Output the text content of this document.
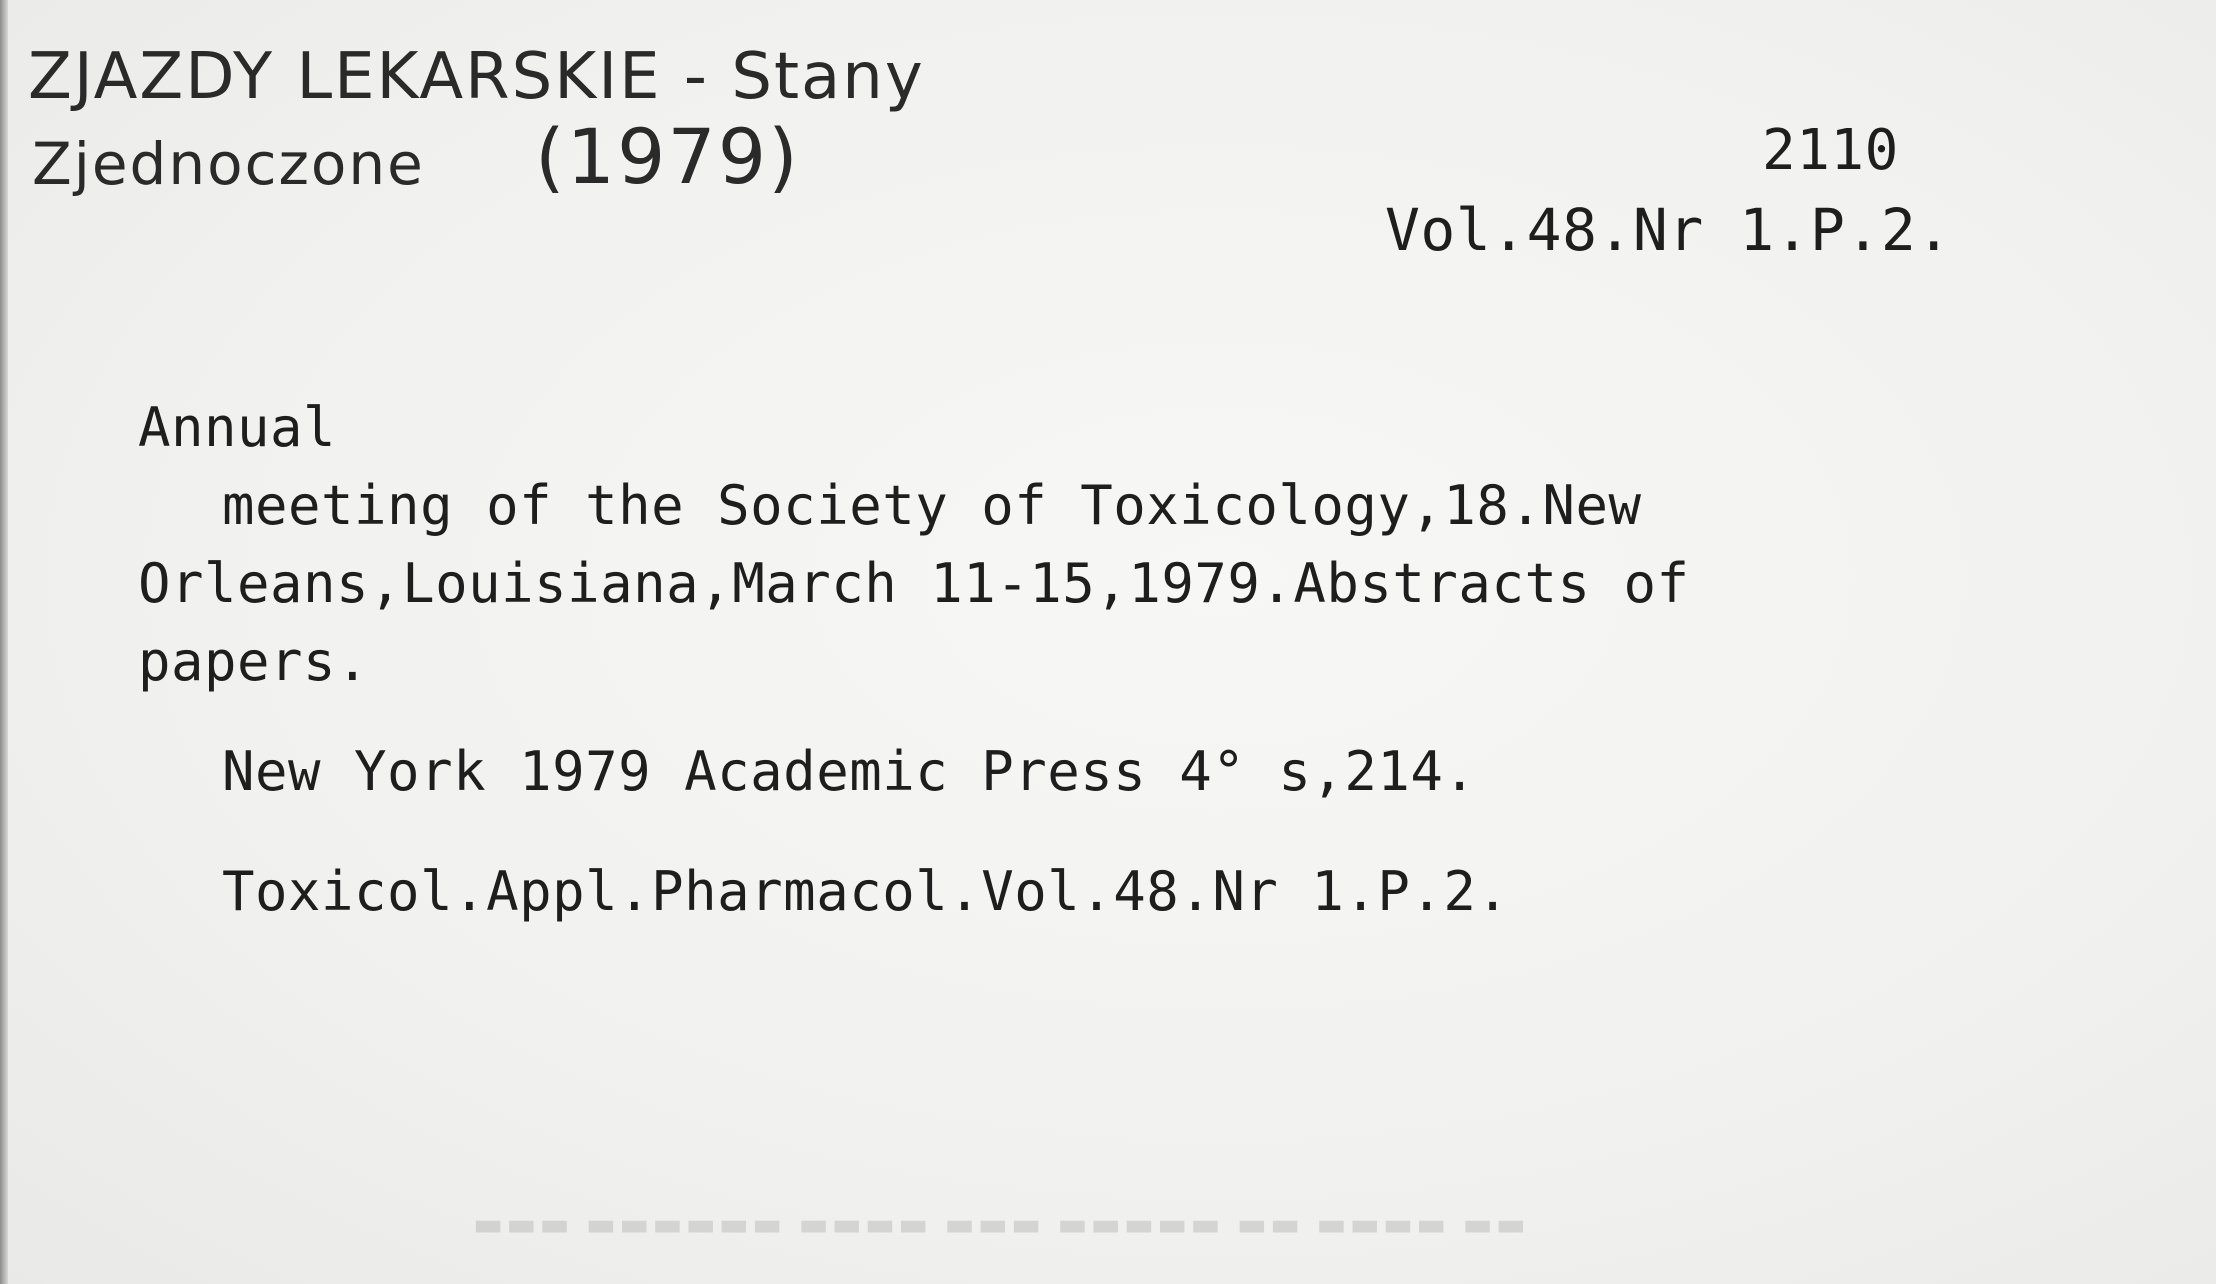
ZJAZDY LEKARSKIE - Stany
Zjednoczone (1979)	2110
Vol.48.Nr 1.P.2.
Annual
meeting of the Society of Toxicology,18.New
Orleans,Louisiana,March 11-15,1979.Abstracts of
papers.
New York 1979 Academic Press 4° s,214.
Toxicol.Appl.Pharmacol.Vol.48.Nr 1.P.2.
▬▬ ▬▬▬▬ ▬▬ ▬▬▬▬▬ ▬▬▬ ▬▬▬▬ ▬▬▬▬▬▬ ▬▬▬
